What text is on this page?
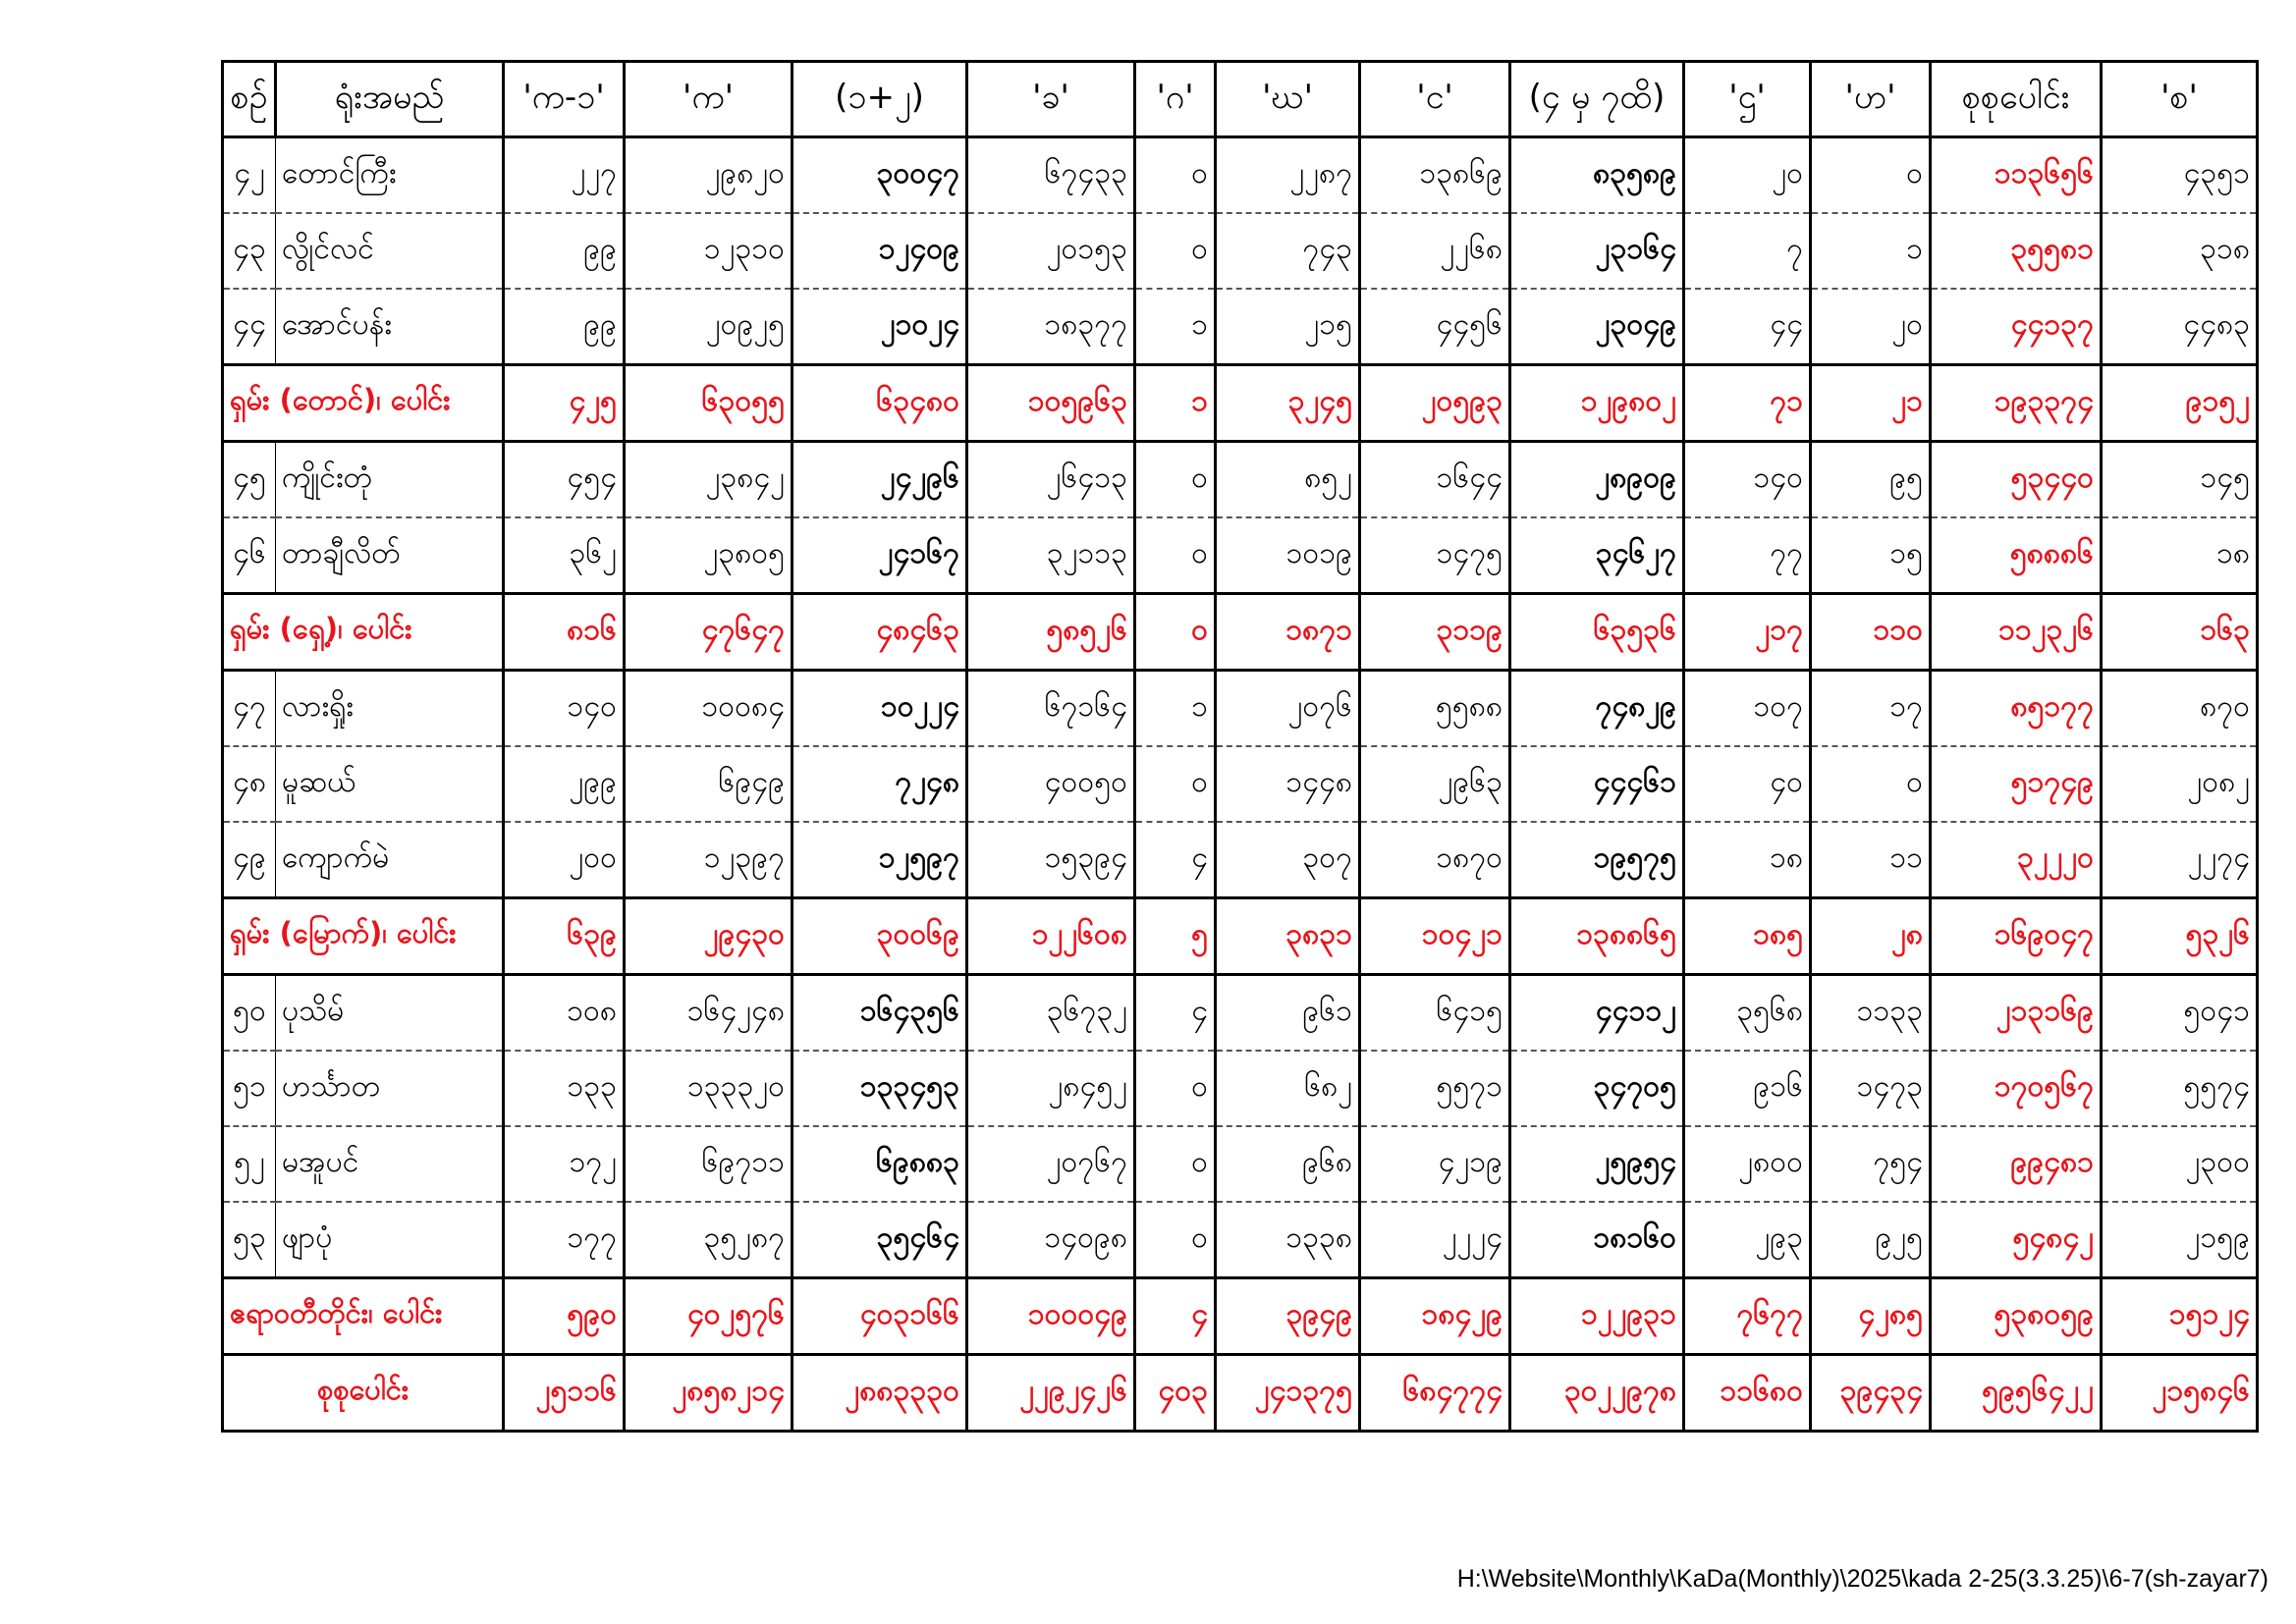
စဉ်	ရုံးအမည်	'က-၁'	'က'	(၁+၂)	'ခ'	'ဂ'	'ဃ'	'င'	(၄ မှ ၇ထိ)	'ဌ'	'ဟ'	စုစုပေါင်း	'စ'
၄၂	တောင်ကြီး	၂၂၇	၂၉၈၂၀	၃၀၀၄၇	၆၇၄၃၃	၀	၂၂၈၇	၁၃၈၆၉	၈၃၅၈၉	၂၀	၀	၁၁၃၆၅၆	၄၃၅၁
၄၃	လွိုင်လင်	၉၉	၁၂၃၁၀	၁၂၄၀၉	၂၀၁၅၃	၀	၇၄၃	၂၂၆၈	၂၃၁၆၄	၇	၁	၃၅၅၈၁	၃၁၈
၄၄	အောင်ပန်း	၉၉	၂၀၉၂၅	၂၁၀၂၄	၁၈၃၇၇	၁	၂၁၅	၄၄၅၆	၂၃၀၄၉	၄၄	၂၀	၄၄၁၃၇	၄၄၈၃
ရှမ်း (တောင်)၊ ပေါင်း		၄၂၅	၆၃၀၅၅	၆၃၄၈၀	၁၀၅၉၆၃	၁	၃၂၄၅	၂၀၅၉၃	၁၂၉၈၀၂	၇၁	၂၁	၁၉၃၃၇၄	၉၁၅၂
၄၅	ကျိုင်းတုံ	၄၅၄	၂၃၈၄၂	၂၄၂၉၆	၂၆၄၁၃	၀	၈၅၂	၁၆၄၄	၂၈၉၀၉	၁၄၀	၉၅	၅၃၄၄၀	၁၄၅
၄၆	တာချီလိတ်	၃၆၂	၂၃၈၀၅	၂၄၁၆၇	၃၂၁၁၃	၀	၁၀၁၉	၁၄၇၅	၃၄၆၂၇	၇၇	၁၅	၅၈၈၈၆	၁၈
ရှမ်း (ရှေ့)၊ ပေါင်း		၈၁၆	၄၇၆၄၇	၄၈၄၆၃	၅၈၅၂၆	၀	၁၈၇၁	၃၁၁၉	၆၃၅၃၆	၂၁၇	၁၁၀	၁၁၂၃၂၆	၁၆၃
၄၇	လားရှိုး	၁၄၀	၁၀၀၈၄	၁၀၂၂၄	၆၇၁၆၄	၁	၂၀၇၆	၅၅၈၈	၇၄၈၂၉	၁၀၇	၁၇	၈၅၁၇၇	၈၇၀
၄၈	မူဆယ်	၂၉၉	၆၉၄၉	၇၂၄၈	၄၀၀၅၀	၀	၁၄၄၈	၂၉၆၃	၄၄၄၆၁	၄၀	၀	၅၁၇၄၉	၂၀၈၂
၄၉	ကျောက်မဲ	၂၀၀	၁၂၃၉၇	၁၂၅၉၇	၁၅၃၉၄	၄	၃၀၇	၁၈၇၀	၁၉၅၇၅	၁၈	၁၁	၃၂၂၂၀	၂၂၇၄
ရှမ်း (မြောက်)၊ ပေါင်း		၆၃၉	၂၉၄၃၀	၃၀၀၆၉	၁၂၂၆၀၈	၅	၃၈၃၁	၁၀၄၂၁	၁၃၈၈၆၅	၁၈၅	၂၈	၁၆၉၀၄၇	၅၃၂၆
၅၀	ပုသိမ်	၁၀၈	၁၆၄၂၄၈	၁၆၄၃၅၆	၃၆၇၃၂	၄	၉၆၁	၆၄၁၅	၄၄၁၁၂	၃၅၆၈	၁၁၃၃	၂၁၃၁၆၉	၅၀၄၁
၅၁	ဟင်္သာတ	၁၃၃	၁၃၃၃၂၀	၁၃၃၄၅၃	၂၈၄၅၂	၀	၆၈၂	၅၅၇၁	၃၄၇၀၅	၉၁၆	၁၄၇၃	၁၇၀၅၆၇	၅၅၇၄
၅၂	မအူပင်	၁၇၂	၆၉၇၁၁	၆၉၈၈၃	၂၀၇၆၇	၀	၉၆၈	၄၂၁၉	၂၅၉၅၄	၂၈၀၀	၇၅၄	၉၉၄၈၁	၂၃၀၀
၅၃	ဖျာပုံ	၁၇၇	၃၅၂၈၇	၃၅၄၆၄	၁၄၀၉၈	၀	၁၃၃၈	၂၂၂၄	၁၈၁၆၀	၂၉၃	၉၂၅	၅၄၈၄၂	၂၁၅၉
ဧရာဝတီတိုင်း၊ ပေါင်း		၅၉၀	၄၀၂၅၇၆	၄၀၃၁၆၆	၁၀၀၀၄၉	၄	၃၉၄၉	၁၈၄၂၉	၁၂၂၉၃၁	၇၆၇၇	၄၂၈၅	၅၃၈၀၅၉	၁၅၁၂၄
စုစုပေါင်း		၂၅၁၁၆	၂၈၅၈၂၁၄	၂၈၈၃၃၃၀	၂၂၉၂၄၂၆	၄၀၃	၂၄၁၃၇၅	၆၈၄၇၇၄	၃၀၂၂၉၇၈	၁၁၆၈၀	၃၉၄၃၄	၅၉၅၆၄၂၂	၂၁၅၈၄၆
H:\Website\Monthly\KaDa(Monthly)\2025\kada 2-25(3.3.25)\6-7(sh-zayar7)
